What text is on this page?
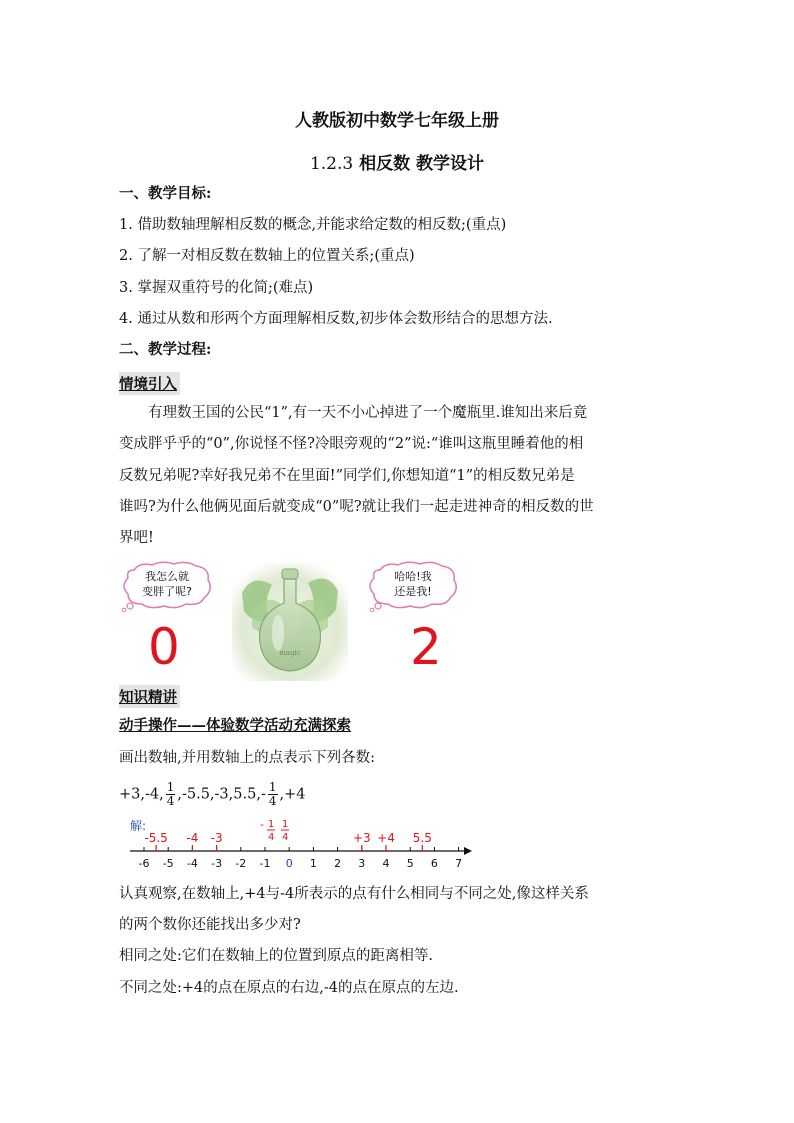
人教版初中数学七年级上册
1.2.3 相反数 教学设计
一、教学目标:
1. 借助数轴理解相反数的概念,并能求给定数的相反数;(重点)
2. 了解一对相反数在数轴上的位置关系;(重点)
3. 掌握双重符号的化简;(难点)
4. 通过从数和形两个方面理解相反数,初步体会数形结合的思想方法.
二、教学过程:
情境引入
有理数王国的公民“1”,有一天不小心掉进了一个魔瓶里.谁知出来后竟
变成胖乎乎的“0”,你说怪不怪?冷眼旁观的“2”说:“谁叫这瓶里睡着他的相
反数兄弟呢?幸好我兄弟不在里面!”同学们,你想知道“1”的相反数兄弟是
谁吗?为什么他俩见面后就变成“0”呢?就让我们一起走进神奇的相反数的世
界吧!
我怎么就
变胖了呢?
0	magic
哈哈!我
还是我!
2
知识精讲
动手操作——体验数学活动充满探索
画出数轴,并用数轴上的点表示下列各数:
+3,-4, $\frac{1}{4} ,-5.5,-3,5.5,- \frac{1}{4} ,+4$
解:
-6 -5 -4 -3 -2 -1 0 1 2 3 4 5 6 7
-5.5 -4 -3	+3 +4 5.5
- 1
4
1
4
认真观察,在数轴上,+4与-4所表示的点有什么相同与不同之处,像这样关系
的两个数你还能找出多少对?
相同之处:它们在数轴上的位置到原点的距离相等.
不同之处:+4的点在原点的右边,-4的点在原点的左边.
